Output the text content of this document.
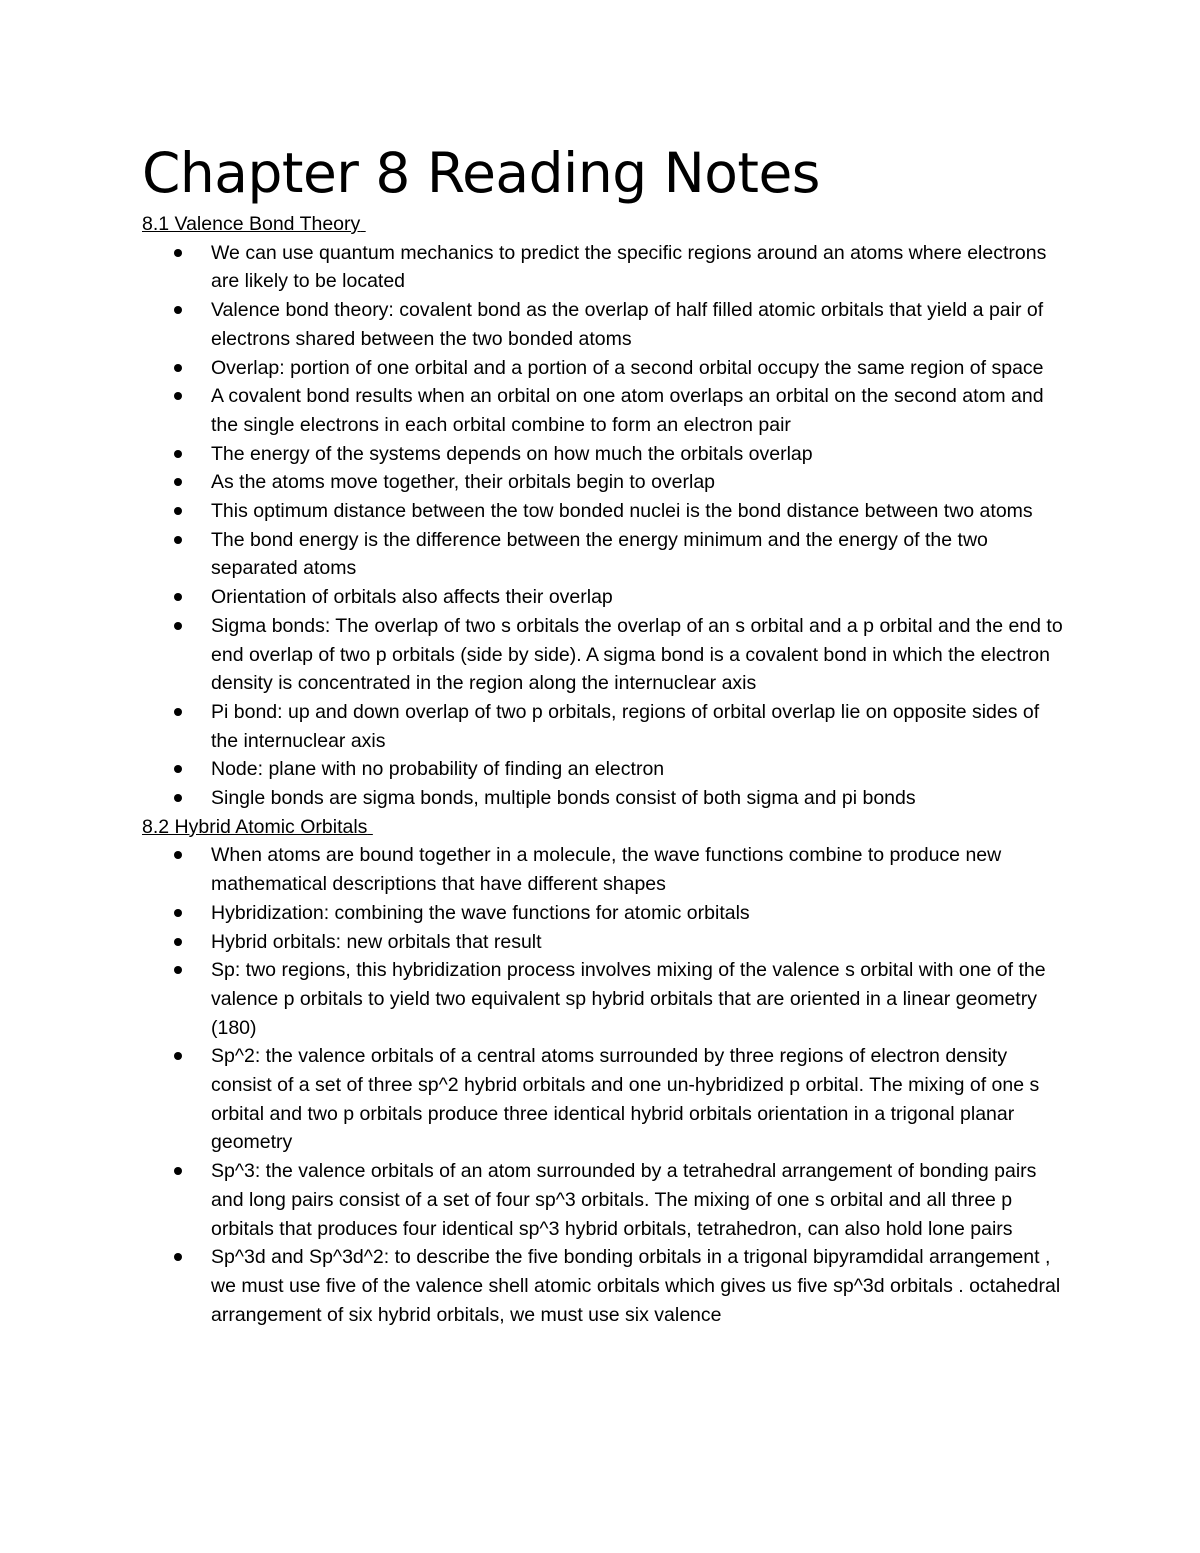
Chapter 8 Reading Notes

8.1 Valence Bond Theory

We can use quantum mechanics to predict the specific regions around an atoms where electrons are likely to be located
Valence bond theory: covalent bond as the overlap of half filled atomic orbitals that yield a pair of electrons shared between the two bonded atoms
Overlap: portion of one orbital and a portion of a second orbital occupy the same region of space
A covalent bond results when an orbital on one atom overlaps an orbital on the second atom and the single electrons in each orbital combine to form an electron pair
The energy of the systems depends on how much the orbitals overlap
As the atoms move together, their orbitals begin to overlap
This optimum distance between the tow bonded nuclei is the bond distance between two atoms
The bond energy is the difference between the energy minimum and the energy of the two separated atoms
Orientation of orbitals also affects their overlap
Sigma bonds: The overlap of two s orbitals the overlap of an s orbital and a p orbital and the end to end overlap of two p orbitals (side by side). A sigma bond is a covalent bond in which the electron density is concentrated in the region along the internuclear axis
Pi bond: up and down overlap of two p orbitals, regions of orbital overlap lie on opposite sides of the internuclear axis
Node: plane with no probability of finding an electron
Single bonds are sigma bonds, multiple bonds consist of both sigma and pi bonds

8.2 Hybrid Atomic Orbitals

When atoms are bound together in a molecule, the wave functions combine to produce new mathematical descriptions that have different shapes
Hybridization: combining the wave functions for atomic orbitals
Hybrid orbitals: new orbitals that result
Sp: two regions, this hybridization process involves mixing of the valence s orbital with one of the valence p orbitals to yield two equivalent sp hybrid orbitals that are oriented in a linear geometry (180)
Sp^2: the valence orbitals of a central atoms surrounded by three regions of electron density consist of a set of three sp^2 hybrid orbitals and one un-hybridized p orbital. The mixing of one s orbital and two p orbitals produce three identical hybrid orbitals orientation in a trigonal planar geometry
Sp^3: the valence orbitals of an atom surrounded by a tetrahedral arrangement of bonding pairs and long pairs consist of a set of four sp^3 orbitals. The mixing of one s orbital and all three p orbitals that produces four identical sp^3 hybrid orbitals, tetrahedron, can also hold lone pairs
Sp^3d and Sp^3d^2: to describe the five bonding orbitals in a trigonal bipyramdidal arrangement , we must use five of the valence shell atomic orbitals which gives us five sp^3d orbitals . octahedral arrangement of six hybrid orbitals, we must use six valence
